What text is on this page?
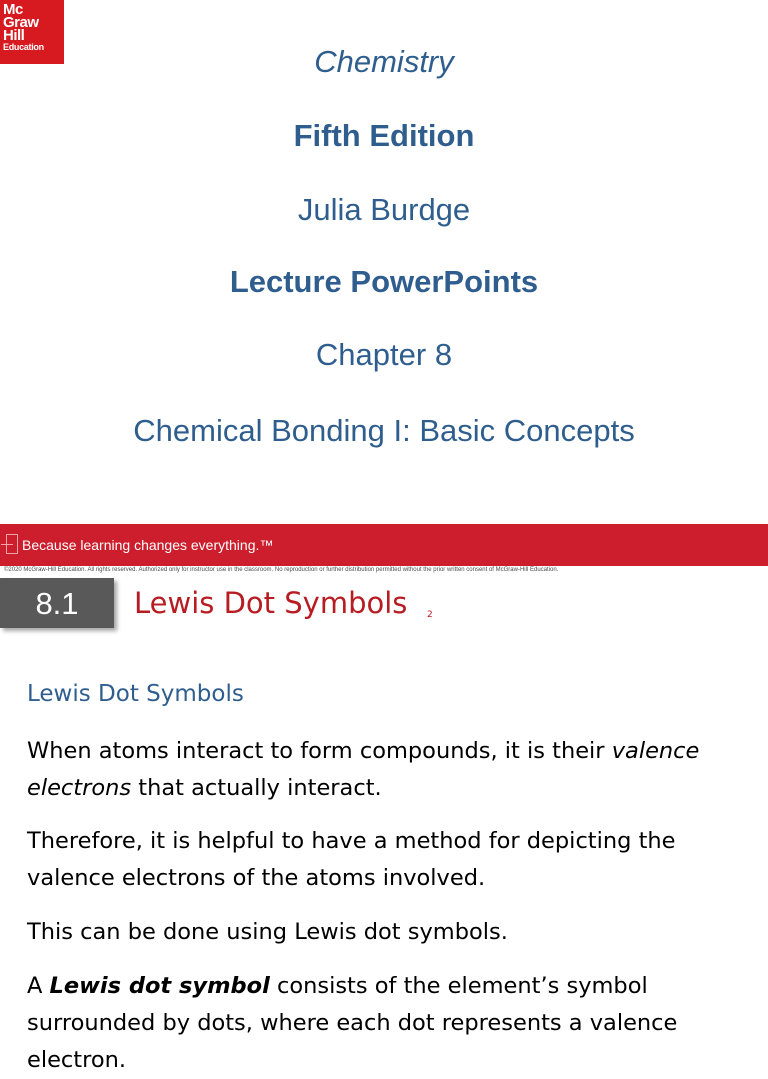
Mc
Graw
Hill
Education	Chemistry
Fifth Edition
Julia Burdge
Lecture PowerPoints
Chapter 8
Chemical Bonding I: Basic Concepts
Because learning changes everything.™
©2020 McGraw-Hill Education. All rights reserved. Authorized only for instructor use in the classroom. No reproduction or further distribution permitted without the prior written consent of McGraw-Hill Education.
8.1	Lewis Dot Symbols 2
Lewis Dot Symbols
When atoms interact to form compounds, it is their valence electrons that actually interact.
Therefore, it is helpful to have a method for depicting the valence electrons of the atoms involved.
This can be done using Lewis dot symbols.
A Lewis dot symbol consists of the element’s symbol surrounded by dots, where each dot represents a valence electron.
